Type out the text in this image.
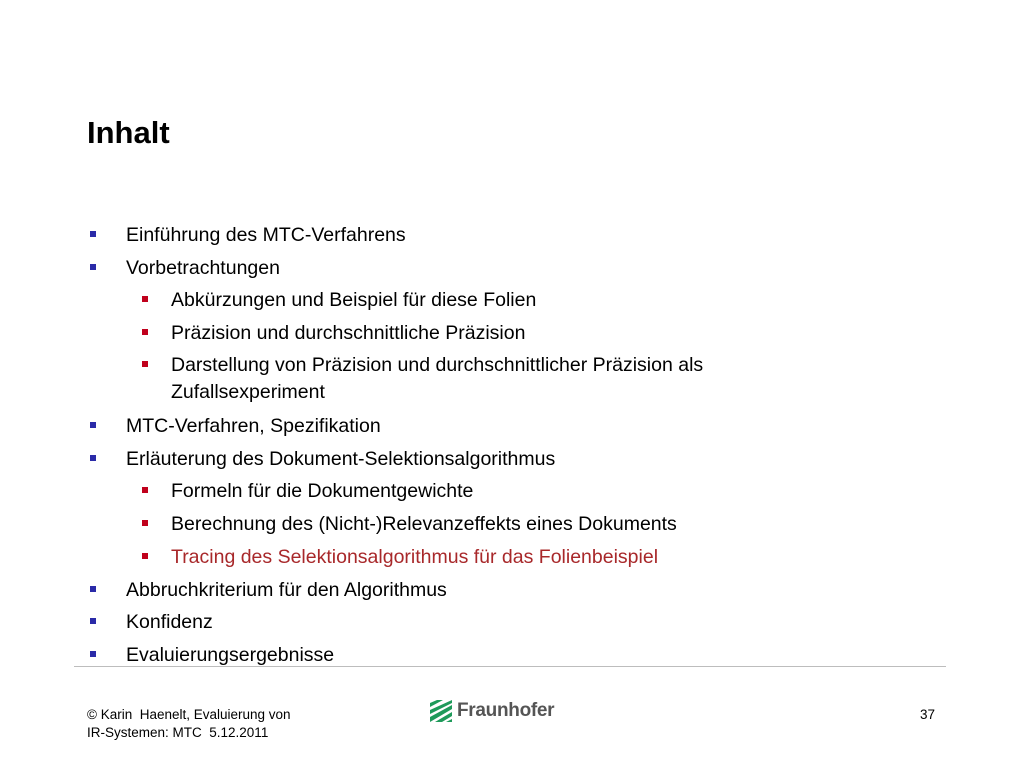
Inhalt
Einführung des MTC-Verfahrens
Vorbetrachtungen
Abkürzungen und Beispiel für diese Folien
Präzision und durchschnittliche Präzision
Darstellung von Präzision und durchschnittlicher Präzision als
Zufallsexperiment
MTC-Verfahren, Spezifikation
Erläuterung des Dokument-Selektionsalgorithmus
Formeln für die Dokumentgewichte
Berechnung des (Nicht-)Relevanzeffekts eines Dokuments
Tracing des Selektionsalgorithmus für das Folienbeispiel
Abbruchkriterium für den Algorithmus
Konfidenz
Evaluierungsergebnisse
© Karin  Haenelt, Evaluierung von
IR-Systemen: MTC  5.12.2011
Fraunhofer	37
